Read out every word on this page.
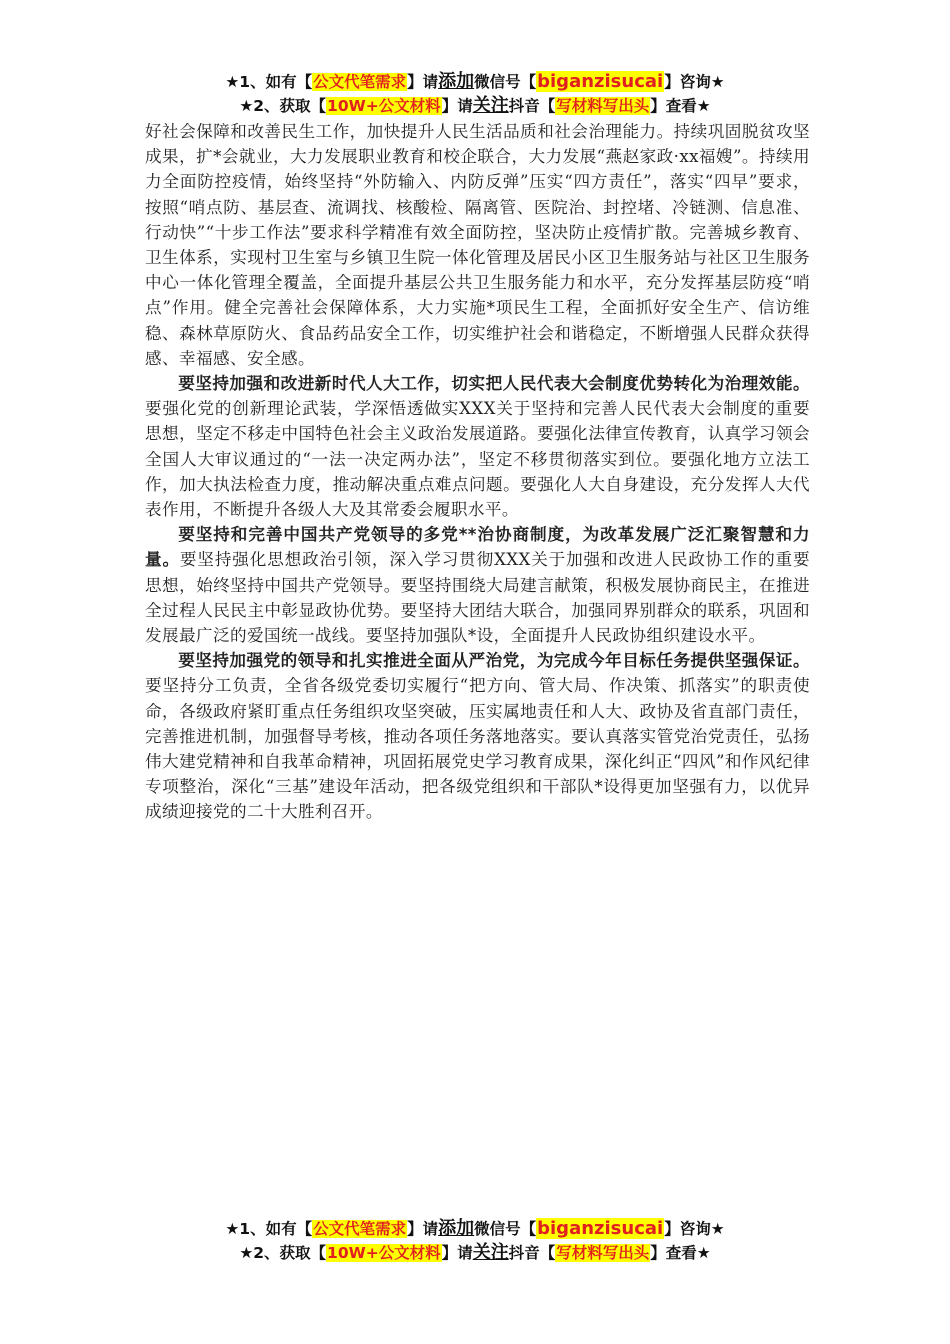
★1、如有【公文代笔需求】请添加微信号【biganzisucai】咨询★
★2、获取【10W+公文材料】请关注抖音【写材料写出头】查看★

好社会保障和改善民生工作，加快提升人民生活品质和社会治理能力。持续巩固脱贫攻坚成果，扩*会就业，大力发展职业教育和校企联合，大力发展“燕赵家政·xx福嫂”。持续用力全面防控疫情，始终坚持“外防输入、内防反弹”压实“四方责任”，落实“四早”要求，按照“哨点防、基层查、流调找、核酸检、隔离管、医院治、封控堵、冷链测、信息准、行动快”“十步工作法”要求科学精准有效全面防控，坚决防止疫情扩散。完善城乡教育、卫生体系，实现村卫生室与乡镇卫生院一体化管理及居民小区卫生服务站与社区卫生服务中心一体化管理全覆盖，全面提升基层公共卫生服务能力和水平，充分发挥基层防疫“哨点”作用。健全完善社会保障体系，大力实施*项民生工程，全面抓好安全生产、信访维稳、森林草原防火、食品药品安全工作，切实维护社会和谐稳定，不断增强人民群众获得感、幸福感、安全感。

要坚持加强和改进新时代人大工作，切实把人民代表大会制度优势转化为治理效能。要强化党的创新理论武装，学深悟透做实XXX关于坚持和完善人民代表大会制度的重要思想，坚定不移走中国特色社会主义政治发展道路。要强化法律宣传教育，认真学习领会全国人大审议通过的“一法一决定两办法”，坚定不移贯彻落实到位。要强化地方立法工作，加大执法检查力度，推动解决重点难点问题。要强化人大自身建设，充分发挥人大代表作用，不断提升各级人大及其常委会履职水平。

要坚持和完善中国共产党领导的多党**治协商制度，为改革发展广泛汇聚智慧和力量。要坚持强化思想政治引领，深入学习贯彻XXX关于加强和改进人民政协工作的重要思想，始终坚持中国共产党领导。要坚持围绕大局建言献策，积极发展协商民主，在推进全过程人民民主中彰显政协优势。要坚持大团结大联合，加强同界别群众的联系，巩固和发展最广泛的爱国统一战线。要坚持加强队*设，全面提升人民政协组织建设水平。

要坚持加强党的领导和扎实推进全面从严治党，为完成今年目标任务提供坚强保证。要坚持分工负责，全省各级党委切实履行“把方向、管大局、作决策、抓落实”的职责使命，各级政府紧盯重点任务组织攻坚突破，压实属地责任和人大、政协及省直部门责任，完善推进机制，加强督导考核，推动各项任务落地落实。要认真落实管党治党责任，弘扬伟大建党精神和自我革命精神，巩固拓展党史学习教育成果，深化纠正“四风”和作风纪律专项整治，深化“三基”建设年活动，把各级党组织和干部队*设得更加坚强有力，以优异成绩迎接党的二十大胜利召开。

★1、如有【公文代笔需求】请添加微信号【biganzisucai】咨询★
★2、获取【10W+公文材料】请关注抖音【写材料写出头】查看★
